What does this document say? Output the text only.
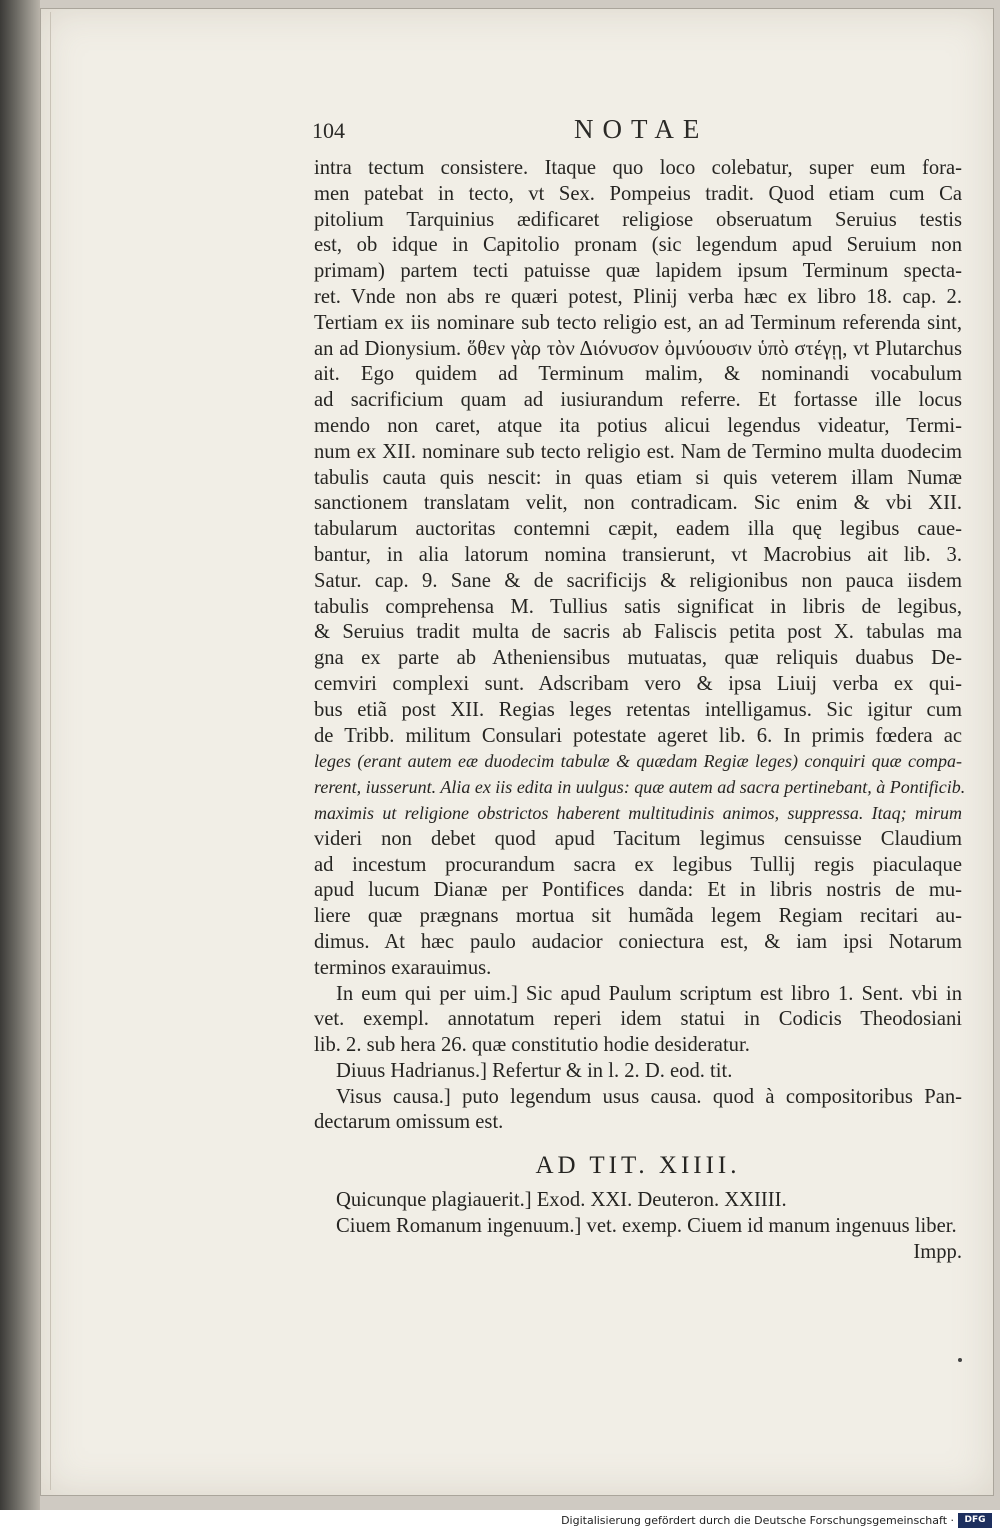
104	NOTAE
intra tectum consistere. Itaque quo loco colebatur, super eum fora-
men patebat in tecto, vt Sex. Pompeius tradit. Quod etiam cum Ca
pitolium Tarquinius ædificaret religiose obseruatum Seruius testis
est, ob idque in Capitolio pronam (sic legendum apud Seruium non
primam) partem tecti patuisse quæ lapidem ipsum Terminum specta-
ret. Vnde non abs re quæri potest, Plinij verba hæc ex libro 18. cap. 2.
Tertiam ex iis nominare sub tecto religio est, an ad Terminum referenda sint,
an ad Dionysium. ὅθεν γὰρ τὸν Διόνυσον ὀμνύουσιν ὑπὸ στέγῃ, vt Plutarchus
ait. Ego quidem ad Terminum malim, & nominandi vocabulum
ad sacrificium quam ad iusiurandum referre. Et fortasse ille locus
mendo non caret, atque ita potius alicui legendus videatur, Termi-
num ex XII. nominare sub tecto religio est. Nam de Termino multa duodecim
tabulis cauta quis nescit: in quas etiam si quis veterem illam Numæ
sanctionem translatam velit, non contradicam. Sic enim & vbi XII.
tabularum auctoritas contemni cæpit, eadem illa quę legibus caue-
bantur, in alia latorum nomina transierunt, vt Macrobius ait lib. 3.
Satur. cap. 9. Sane & de sacrificijs & religionibus non pauca iisdem
tabulis comprehensa M. Tullius satis significat in libris de legibus,
& Seruius tradit multa de sacris ab Faliscis petita post X. tabulas ma
gna ex parte ab Atheniensibus mutuatas, quæ reliquis duabus De-
cemviri complexi sunt. Adscribam vero & ipsa Liuij verba ex qui-
bus etiã post XII. Regias leges retentas intelligamus. Sic igitur cum
de Tribb. militum Consulari potestate ageret lib. 6. In primis fœdera ac
leges (erant autem eæ duodecim tabulæ & quædam Regiæ leges) conquiri quæ compa-
rerent, iusserunt. Alia ex iis edita in uulgus: quæ autem ad sacra pertinebant, à Pontificib.
maximis ut religione obstrictos haberent multitudinis animos, suppressa. Itaq; mirum
videri non debet quod apud Tacitum legimus censuisse Claudium
ad incestum procurandum sacra ex legibus Tullij regis piaculaque
apud lucum Dianæ per Pontifices danda: Et in libris nostris de mu-
liere quæ prægnans mortua sit humãda legem Regiam recitari au-
dimus. At hæc paulo audacior coniectura est, & iam ipsi Notarum
terminos exarauimus.
In eum qui per uim.] Sic apud Paulum scriptum est libro 1. Sent. vbi in
vet. exempl. annotatum reperi idem statui in Codicis Theodosiani
lib. 2. sub hera 26. quæ constitutio hodie desideratur.
Diuus Hadrianus.] Refertur & in l. 2. D. eod. tit.
Visus causa.] puto legendum usus causa. quod à compositoribus Pan-
dectarum omissum est.
AD TIT. XIIII.
Quicunque plagiauerit.] Exod. XXI. Deuteron. XXIIII.
Ciuem Romanum ingenuum.] vet. exemp. Ciuem id manum ingenuus liber.
Impp.
Digitalisierung gefördert durch die Deutsche Forschungsgemeinschaft ·	DFG
